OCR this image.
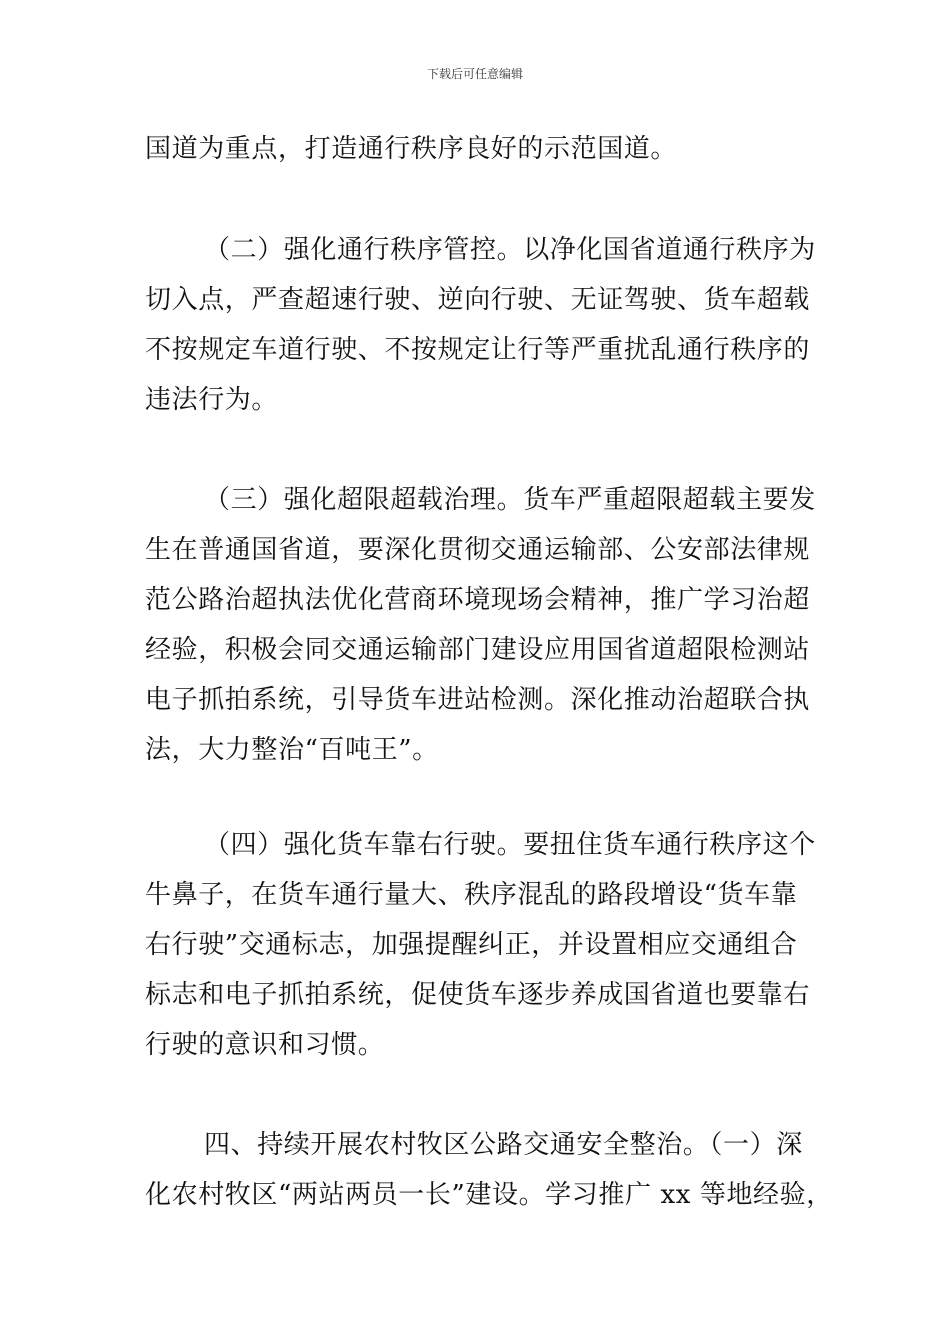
下载后可任意编辑
国道为重点，打造通行秩序良好的示范国道。
（二）强化通行秩序管控。以净化国省道通行秩序为
切入点，严查超速行驶、逆向行驶、无证驾驶、货车超载
不按规定车道行驶、不按规定让行等严重扰乱通行秩序的
违法行为。
（三）强化超限超载治理。货车严重超限超载主要发
生在普通国省道，要深化贯彻交通运输部、公安部法律规
范公路治超执法优化营商环境现场会精神，推广学习治超
经验，积极会同交通运输部门建设应用国省道超限检测站
电子抓拍系统，引导货车进站检测。深化推动治超联合执
法，大力整治“百吨王”。
（四）强化货车靠右行驶。要扭住货车通行秩序这个
牛鼻子，在货车通行量大、秩序混乱的路段增设“货车靠
右行驶”交通标志，加强提醒纠正，并设置相应交通组合
标志和电子抓拍系统，促使货车逐步养成国省道也要靠右
行驶的意识和习惯。
四、持续开展农村牧区公路交通安全整治。（一）深
化农村牧区“两站两员一长”建设。学习推广 xx 等地经验，
